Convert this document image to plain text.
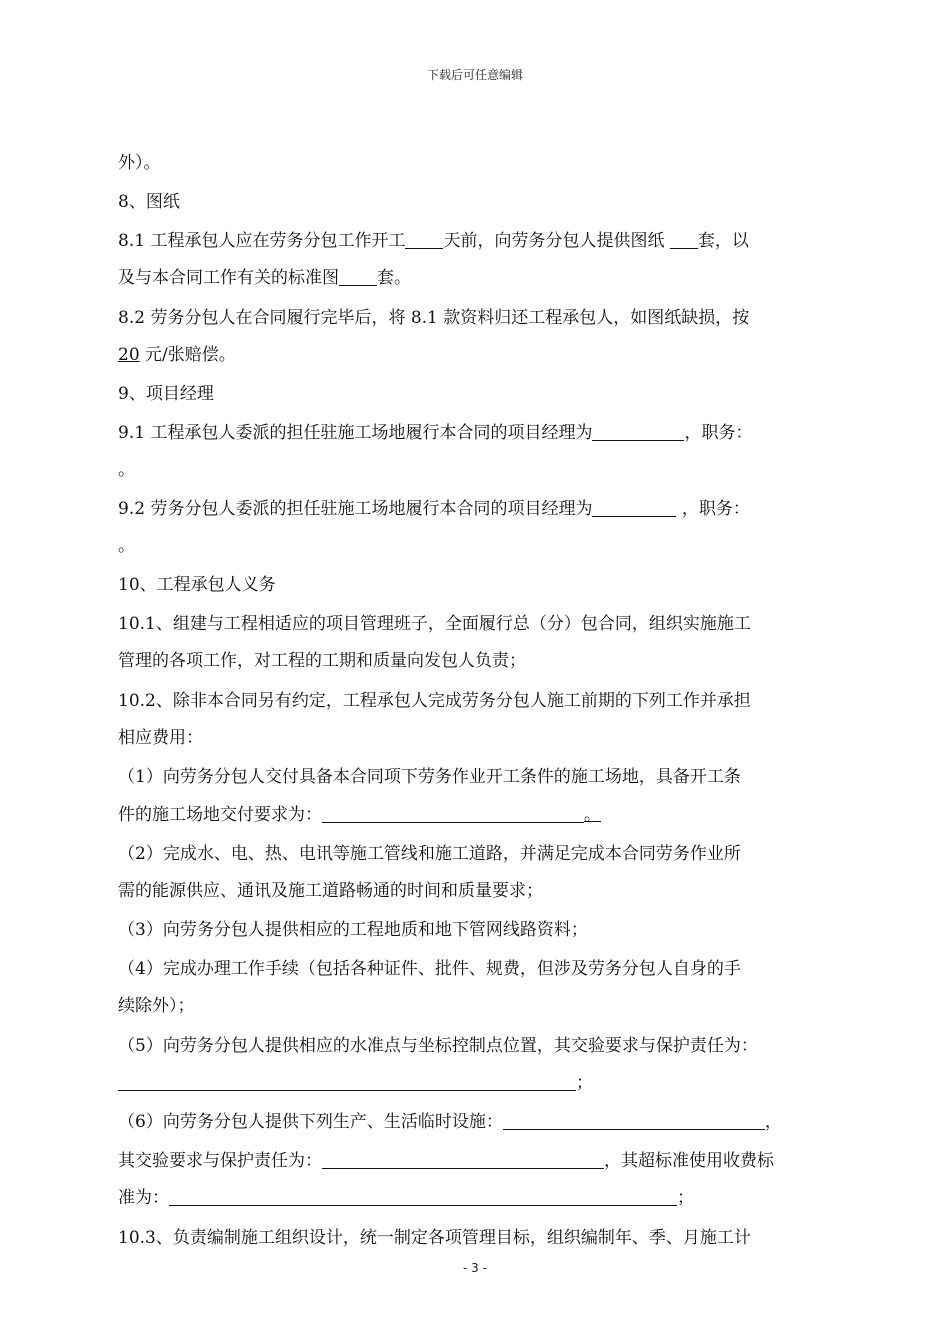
下载后可任意编辑
外）。
8、图纸
8.1 工程承包人应在劳务分包工作开工 天前，向劳务分包人提供图纸 套，以
及与本合同工作有关的标准图 套。
8.2 劳务分包人在合同履行完毕后，将 8.1 款资料归还工程承包人，如图纸缺损，按
20 元/张赔偿。
9、项目经理
9.1 工程承包人委派的担任驻施工场地履行本合同的项目经理为	，职务：
。
9.2 劳务分包人委派的担任驻施工场地履行本合同的项目经理为	，职务：
。
10、工程承包人义务
10.1、组建与工程相适应的项目管理班子，全面履行总（分）包合同，组织实施施工
管理的各项工作，对工程的工期和质量向发包人负责；
10.2、除非本合同另有约定，工程承包人完成劳务分包人施工前期的下列工作并承担
相应费用：
（1）向劳务分包人交付具备本合同项下劳务作业开工条件的施工场地，具备开工条
件的施工场地交付要求为：	。
（2）完成水、电、热、电讯等施工管线和施工道路，并满足完成本合同劳务作业所
需的能源供应、通讯及施工道路畅通的时间和质量要求；
（3）向劳务分包人提供相应的工程地质和地下管网线路资料；
（4）完成办理工作手续（包括各种证件、批件、规费，但涉及劳务分包人自身的手
续除外）；
（5）向劳务分包人提供相应的水准点与坐标控制点位置，其交验要求与保护责任为：
；
（6）向劳务分包人提供下列生产、生活临时设施：	，
其交验要求与保护责任为：	，其超标准使用收费标
准为：	；
10.3、负责编制施工组织设计，统一制定各项管理目标，组织编制年、季、月施工计
- 3 -
